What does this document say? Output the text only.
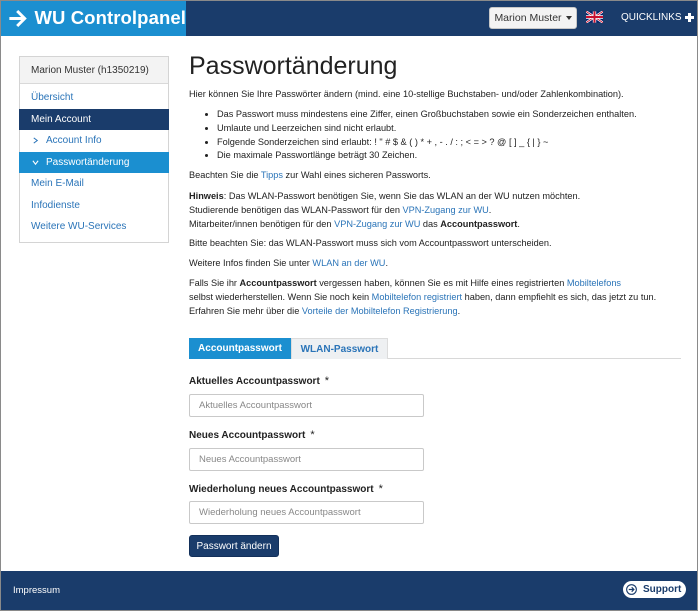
WU Controlpanel	Marion Muster	QUICKLINKS
Marion Muster (h1350219)
Übersicht
Mein Account
Account Info
Passwortänderung
Mein E-Mail
Infodienste
Weitere WU-Services
Passwortänderung
Hier können Sie Ihre Passwörter ändern (mind. eine 10-stellige Buchstaben- und/oder Zahlenkombination).
• Das Passwort muss mindestens eine Ziffer, einen Großbuchstaben sowie ein Sonderzeichen enthalten.
• Umlaute und Leerzeichen sind nicht erlaubt.
• Folgende Sonderzeichen sind erlaubt: ! " # $ & ( ) * + , - . / : ; < = > ? @ [ ] _ { | } ~
• Die maximale Passwortlänge beträgt 30 Zeichen.
Beachten Sie die Tipps zur Wahl eines sicheren Passworts.
Hinweis: Das WLAN-Passwort benötigen Sie, wenn Sie das WLAN an der WU nutzen möchten.
Studierende benötigen das WLAN-Passwort für den VPN-Zugang zur WU.
Mitarbeiter/innen benötigen für den VPN-Zugang zur WU das Accountpasswort.
Bitte beachten Sie: das WLAN-Passwort muss sich vom Accountpasswort unterscheiden.
Weitere Infos finden Sie unter WLAN an der WU.
Falls Sie ihr Accountpasswort vergessen haben, können Sie es mit Hilfe eines registrierten Mobiltelefons
selbst wiederherstellen. Wenn Sie noch kein Mobiltelefon registriert haben, dann empfiehlt es sich, das jetzt zu tun.
Erfahren Sie mehr über die Vorteile der Mobiltelefon Registrierung.
Accountpasswort	WLAN-Passwort
Aktuelles Accountpasswort *
Aktuelles Accountpasswort
Neues Accountpasswort *
Neues Accountpasswort
Wiederholung neues Accountpasswort *
Wiederholung neues Accountpasswort
Passwort ändern
Impressum	Support
